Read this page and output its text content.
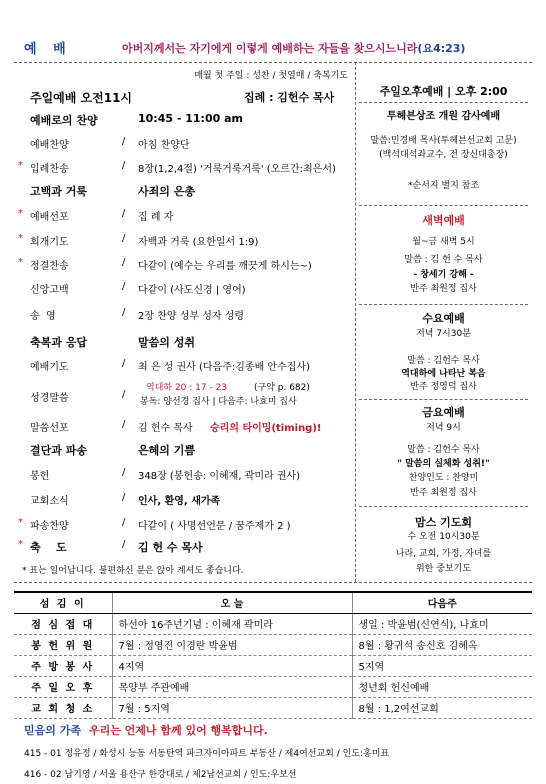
예 배	아버지께서는 자기에게 이렇게 예배하는 자들을 찾으시느니라(요4:23)
매월 첫 주일 : 성찬 / 첫열매 / 축복기도
주일예배 오전11시	집례 : 김헌수 목사
예배로의 찬양	10:45 - 11:00 am
예배찬양	/ 아침 찬양단
* 입례찬송	/ 8장(1,2,4절) '거룩거룩거룩' (오르간:최은서)
고백과 거룩	사죄의 은총
* 예배선포	/ 집 례 자
* 회개기도	/ 자백과 거룩 (요한일서 1:9)
* 정결찬송	/ 다같이 (예수는 우리를 깨끗게 하시는~)
신앙고백	/ 다같이 (사도신경 | 영어)
송  영	/ 2장 찬양 성부 성자 성령
축복과 응답	말씀의 성취
예배기도	/ 최 은 성 권사 (다음주:김종배 안수집사)
성경말씀	/
역대하 20 : 17 - 23	(구약 p. 682)
봉독: 양선경 집사 | 다음주: 나효미 집사
말씀선포	/ 김 헌수 목사 승리의 타이밍(timing)!
결단과 파송	은혜의 기쁨
봉헌	/ 348장 (봉헌송: 이혜재, 곽미라 권사)
교회소식	/ 인사, 환영, 새가족
* 파송찬양	/ 다같이 ( 사명선언문 / 꿈주제가 2 )
* 축    도	/ 김 헌 수 목사
* 표는 일어납니다. 불편하신 분은 앉아 계셔도 좋습니다.
주일오후예배 | 오후 2:00
투헤븐상조 개원 감사예배
말씀:민경배 목사(투헤븐선교회 고문)
(백석대석좌교수, 전 장신대총장)
*순서지 별지 참조
새벽예배
월~금 새벽 5시
말씀 : 김 헌 수 목사
- 창세기 강해 -
반주 최원정 집사
수요예배
저녁 7시30분
말씀 : 김헌수 목사
역대하에 나타난 복음
반주 정영덕 집사
금요예배
저녁 9시
말씀 : 김헌수 목사
" 말씀의 실체화 성취!"
찬양인도 : 찬양미
반주 최원정 집사
맘스 기도회
수 오전 10시30분
나라, 교회, 가정, 자녀를
위한 중보기도
섬 김 이	오 늘	다음주
점 심 접 대	하선아 16주년기념 : 이혜재 곽미라	생일 : 박윤범(신연식), 나효미
봉 헌 위 원	7월 : 정영진 이경란 박윤범	8월 : 황귀석 송신호 김혜옥
주 방 봉 사	4지역	5지역
주 일 오 후	목양부 주관예배	청년회 헌신예배
교 회 청 소	7월 : 5지역	8월 : 1,2여선교회
믿음의 가족 우리는 언제나 함께 있어 행복합니다.
415 - 01 정유정 / 화성시 능동 서동탄역 파크자이아파트 부동산 / 제4여선교회 / 인도:홍미표
416 - 02 남기영 / 서울 용산구 한강대로 / 제2남선교회 / 인도:우보선
